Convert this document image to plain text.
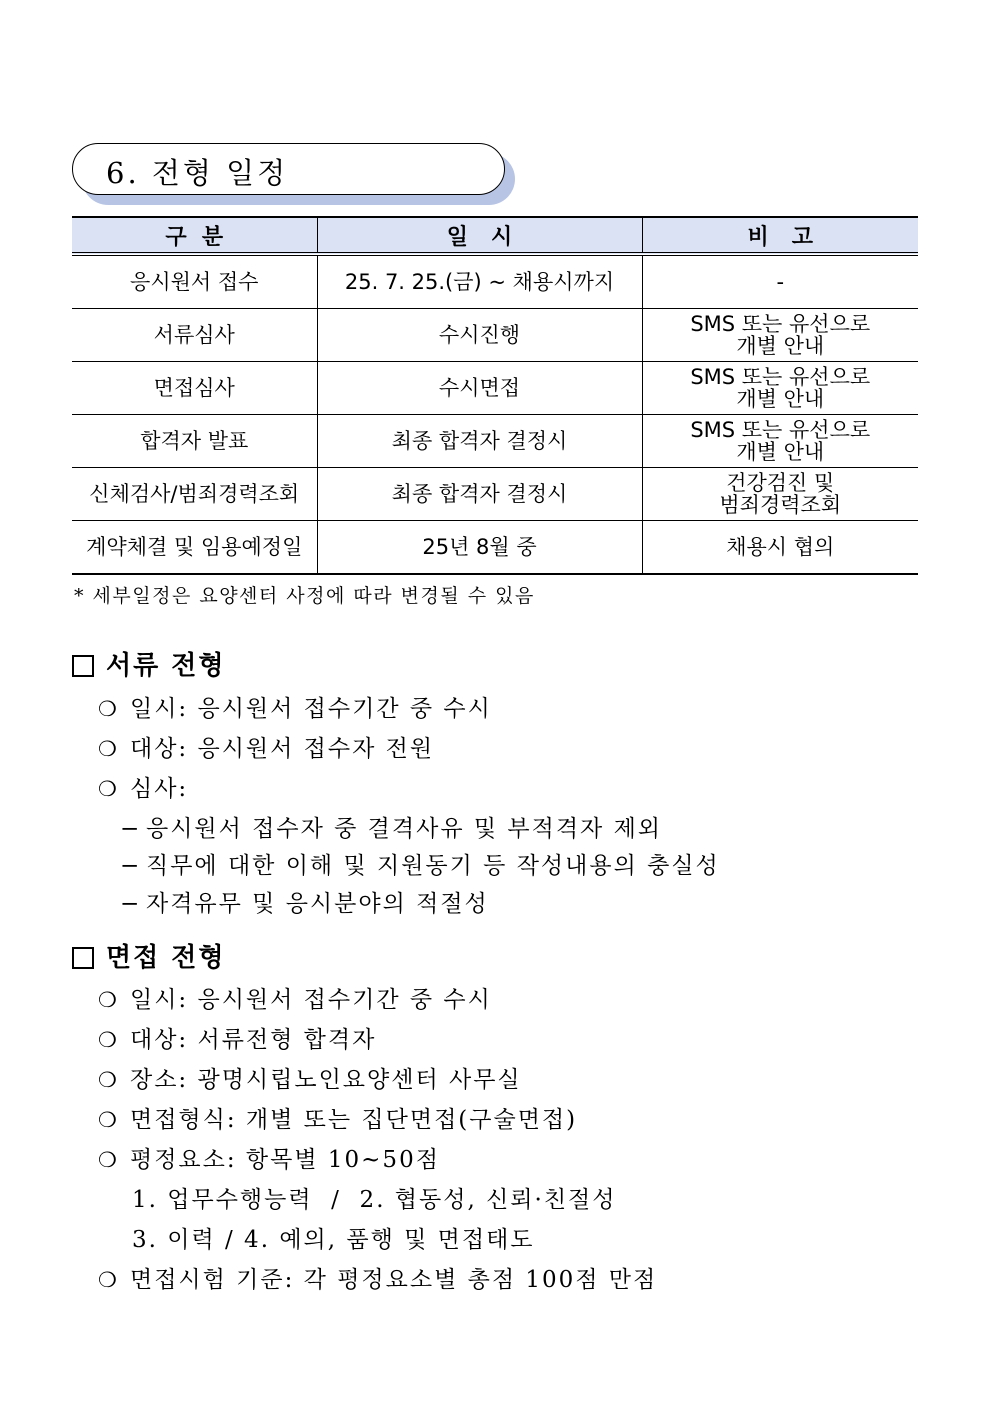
6. 전형 일정
구  분	일   시	비   고
응시원서 접수	25. 7. 25.(금) ~ 채용시까지	-

서류심사	수시진행	SMS 또는 유선으로
개별 안내

면접심사	수시면접	SMS 또는 유선으로
개별 안내

합격자 발표	최종 합격자 결정시	SMS 또는 유선으로
개별 안내

신체검사/범죄경력조회	최종 합격자 결정시	건강검진 및
범죄경력조회

계약체결 및 임용예정일	25년 8월 중	채용시 협의
* 세부일정은 요양센터 사정에 따라 변경될 수 있음
서류 전형
❍ 일시: 응시원서 접수기간 중 수시
❍ 대상: 응시원서 접수자 전원
❍ 심사:
− 응시원서 접수자 중 결격사유 및 부적격자 제외
− 직무에 대한 이해 및 지원동기 등 작성내용의 충실성
− 자격유무 및 응시분야의 적절성
면접 전형
❍ 일시: 응시원서 접수기간 중 수시
❍ 대상: 서류전형 합격자
❍ 장소: 광명시립노인요양센터 사무실
❍ 면접형식: 개별 또는 집단면접(구술면접)
❍ 평정요소: 항목별 10~50점
1. 업무수행능력  /  2. 협동성, 신뢰·친절성
3. 이력 / 4. 예의, 품행 및 면접태도
❍ 면접시험 기준: 각 평정요소별 총점 100점 만점
